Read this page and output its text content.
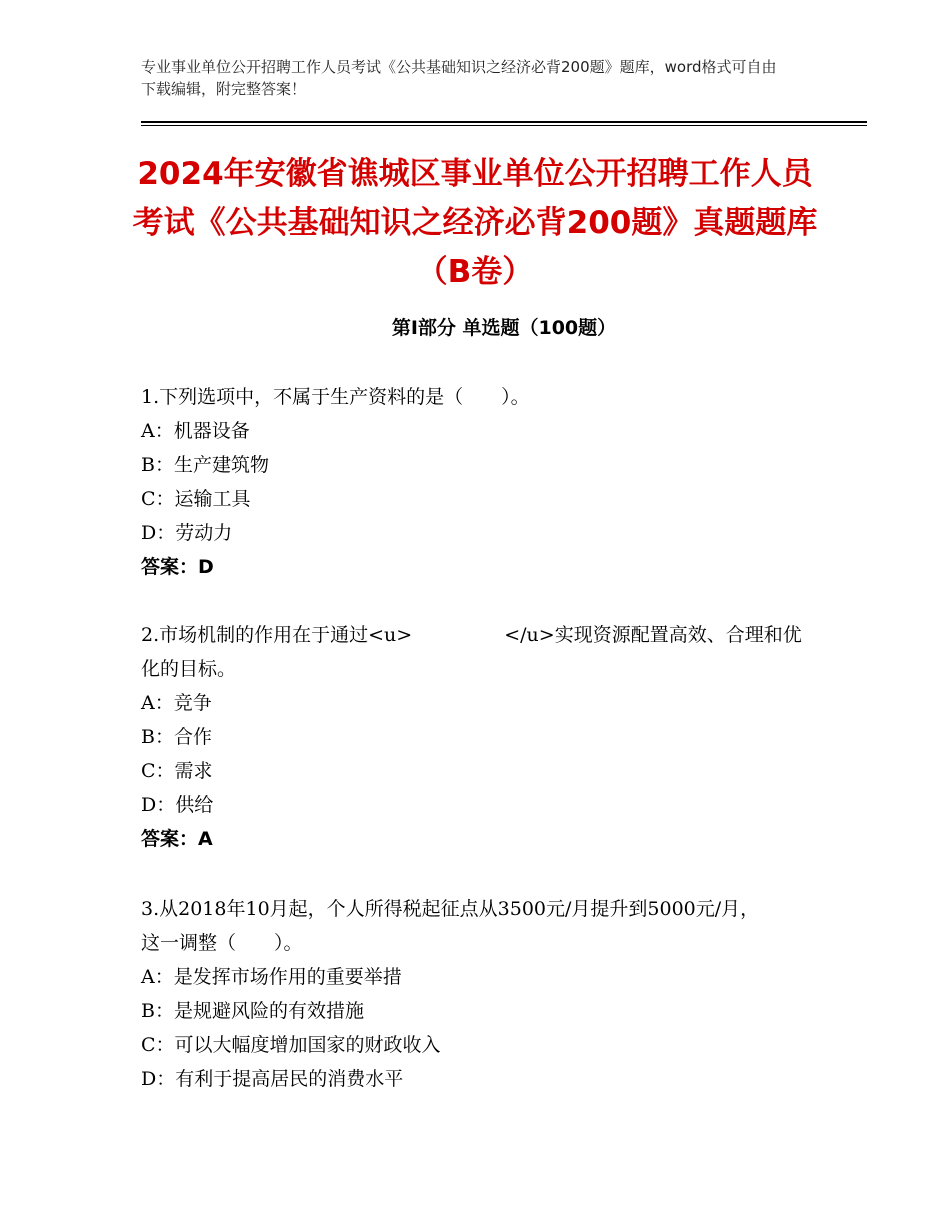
专业事业单位公开招聘工作人员考试《公共基础知识之经济必背200题》题库，word格式可自由下载编辑，附完整答案！
2024年安徽省谯城区事业单位公开招聘工作人员考试《公共基础知识之经济必背200题》真题题库（B卷）
第Ⅰ部分 单选题（100题）

1.下列选项中，不属于生产资料的是（　　）。

A：机器设备

B：生产建筑物

C：运输工具

D：劳动力

答案：D

2.市场机制的作用在于通过<u>	</u>实现资源配置高效、合理和优化的目标。

A：竞争

B：合作

C：需求

D：供给

答案：A

3.从2018年10月起，个人所得税起征点从3500元/月提升到5000元/月，这一调整（　　）。

A：是发挥市场作用的重要举措

B：是规避风险的有效措施

C：可以大幅度增加国家的财政收入

D：有利于提高居民的消费水平
